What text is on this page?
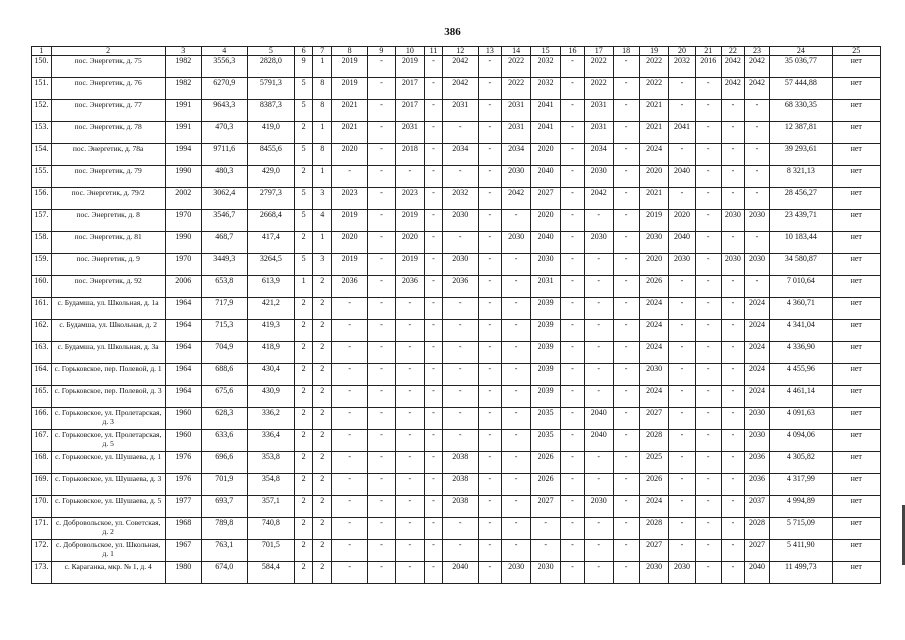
386
1	2	3	4	5	6	7	8	9	10	11	12	13	14	15	16	17	18	19	20	21	22	23	24	25
150.	пос. Энергетик, д. 75	1982	3556,3	2828,0	9	1	2019	-	2019	-	2042	-	2022	2032	-	2022	-	2022	2032	2016	2042	2042	35 036,77	нет
151.	пос. Энергетик, д. 76	1982	6270,9	5791,3	5	8	2019	-	2017	-	2042	-	2022	2032	-	2022	-	2022	-	-	2042	2042	57 444,88	нет
152.	пос. Энергетик, д. 77	1991	9643,3	8387,3	5	8	2021	-	2017	-	2031	-	2031	2041	-	2031	-	2021	-	-	-	-	68 330,35	нет
153.	пос. Энергетик, д. 78	1991	470,3	419,0	2	1	2021	-	2031	-	-	-	2031	2041	-	2031	-	2021	2041	-	-	-	12 387,81	нет
154.	пос. Энергетик, д. 78а	1994	9711,6	8455,6	5	8	2020	-	2018	-	2034	-	2034	2020	-	2034	-	2024	-	-	-	-	39 293,61	нет
155.	пос. Энергетик, д. 79	1990	480,3	429,0	2	1	-	-	-	-	-	-	2030	2040	-	2030	-	2020	2040	-	-	-	8 321,13	нет
156.	пос. Энергетик, д. 79/2	2002	3062,4	2797,3	5	3	2023	-	2023	-	2032	-	2042	2027	-	2042	-	2021	-	-	-	-	28 456,27	нет
157.	пос. Энергетик, д. 8	1970	3546,7	2668,4	5	4	2019	-	2019	-	2030	-	-	2020	-	-	-	2019	2020	-	2030	2030	23 439,71	нет
158.	пос. Энергетик, д. 81	1990	468,7	417,4	2	1	2020	-	2020	-	-	-	2030	2040	-	2030	-	2030	2040	-	-	-	10 183,44	нет
159.	пос. Энергетик, д. 9	1970	3449,3	3264,5	5	3	2019	-	2019	-	2030	-	-	2030	-	-	-	2020	2030	-	2030	2030	34 580,87	нет
160.	пос. Энергетик, д. 92	2006	653,8	613,9	1	2	2036	-	2036	-	2036	-	-	2031	-	-	-	2026	-	-	-	-	7 010,64	нет
161.	с. Будамша, ул. Школьная, д. 1а	1964	717,9	421,2	2	2	-	-	-	-	-	-	-	2039	-	-	-	2024	-	-	-	2024	4 360,71	нет
162.	с. Будамша, ул. Школьная, д. 2	1964	715,3	419,3	2	2	-	-	-	-	-	-	-	2039	-	-	-	2024	-	-	-	2024	4 341,04	нет
163.	с. Будамша, ул. Школьная, д. 3а	1964	704,9	418,9	2	2	-	-	-	-	-	-	-	2039	-	-	-	2024	-	-	-	2024	4 336,90	нет
164.	с. Горьковское, пер. Полевой, д. 1	1964	688,6	430,4	2	2	-	-	-	-	-	-	-	2039	-	-	-	2030	-	-	-	2024	4 455,96	нет
165.	с. Горьковское, пер. Полевой, д. 3	1964	675,6	430,9	2	2	-	-	-	-	-	-	-	2039	-	-	-	2024	-	-	-	2024	4 461,14	нет
166.	с. Горьковское, ул. Пролетарская, д. 3	1960	628,3	336,2	2	2	-	-	-	-	-	-	-	2035	-	2040	-	2027	-	-	-	2030	4 091,63	нет
167.	с. Горьковское, ул. Пролетарская, д. 5	1960	633,6	336,4	2	2	-	-	-	-	-	-	-	2035	-	2040	-	2028	-	-	-	2030	4 094,06	нет
168.	с. Горьковское, ул. Шушаева, д. 1	1976	696,6	353,8	2	2	-	-	-	-	2038	-	-	2026	-	-	-	2025	-	-	-	2036	4 305,82	нет
169.	с. Горьковское, ул. Шушаева, д. 3	1976	701,9	354,8	2	2	-	-	-	-	2038	-	-	2026	-	-	-	2026	-	-	-	2036	4 317,99	нет
170.	с. Горьковское, ул. Шушаева, д. 5	1977	693,7	357,1	2	2	-	-	-	-	2038	-	-	2027	-	2030	-	2024	-	-	-	2037	4 994,89	нет
171.	с. Добровольское, ул. Советская, д. 2	1968	789,8	740,8	2	2	-	-	-	-	-	-	-	-	-	-	-	2028	-	-	-	2028	5 715,09	нет
172.	с. Добровольское, ул. Школьная, д. 1	1967	763,1	701,5	2	2	-	-	-	-	-	-	-	-	-	-	-	2027	-	-	-	2027	5 411,90	нет
173.	с. Караганка, мкр. № 1, д. 4	1980	674,0	584,4	2	2	-	-	-	-	2040	-	2030	2030	-	-	-	2030	2030	-	-	2040	11 499,73	нет
